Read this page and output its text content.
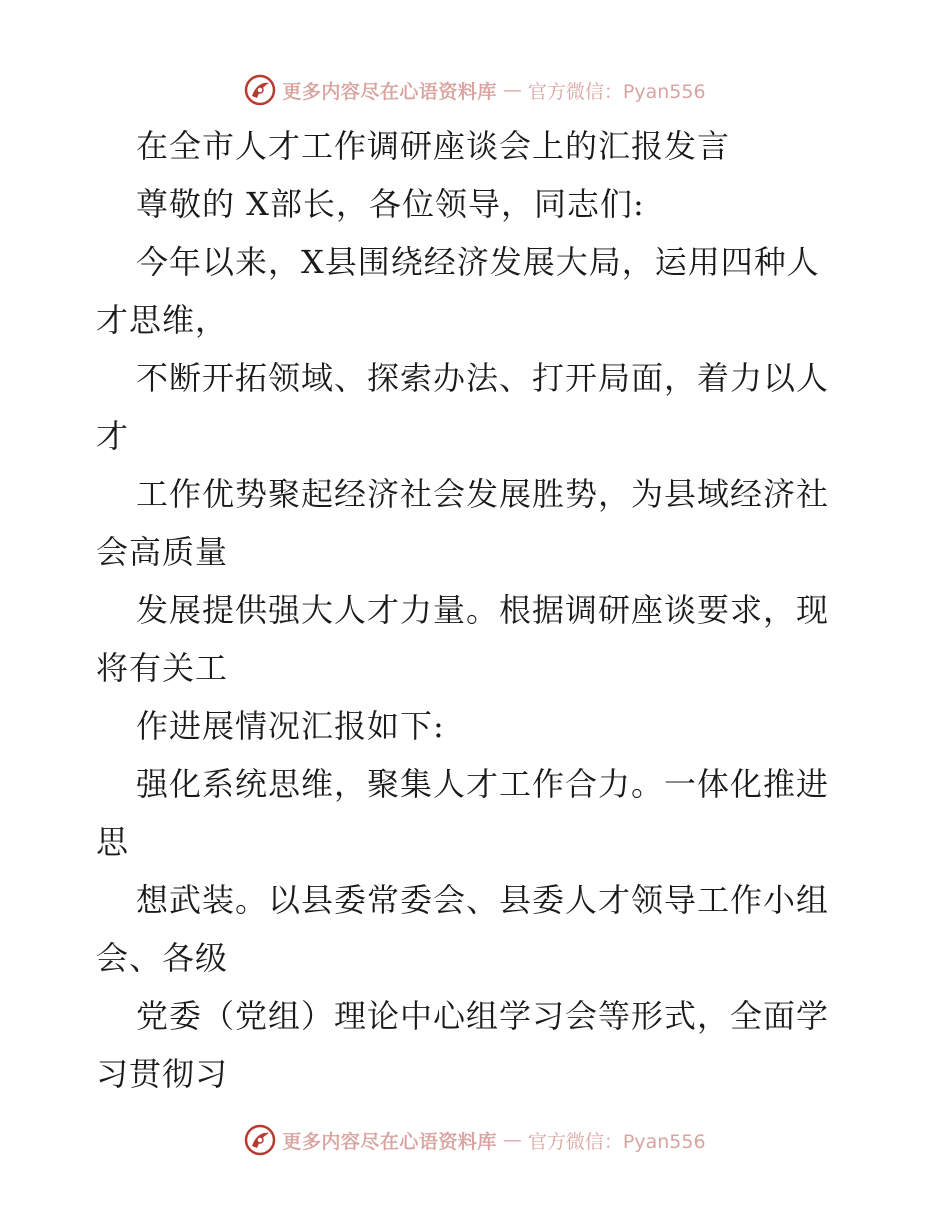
更多内容尽在心语资料库 — 官方微信：Pyan556
在全市人才工作调研座谈会上的汇报发言
尊敬的 X部长，各位领导，同志们:
今年以来，X县围绕经济发展大局，运用四种人
才思维，
不断开拓领域、探索办法、打开局面，着力以人
才
工作优势聚起经济社会发展胜势，为县域经济社
会高质量
发展提供强大人才力量。根据调研座谈要求，现
将有关工
作进展情况汇报如下:
强化系统思维，聚集人才工作合力。一体化推进
思
想武装。以县委常委会、县委人才领导工作小组
会、各级
党委（党组）理论中心组学习会等形式，全面学
习贯彻习
更多内容尽在心语资料库 — 官方微信：Pyan556
